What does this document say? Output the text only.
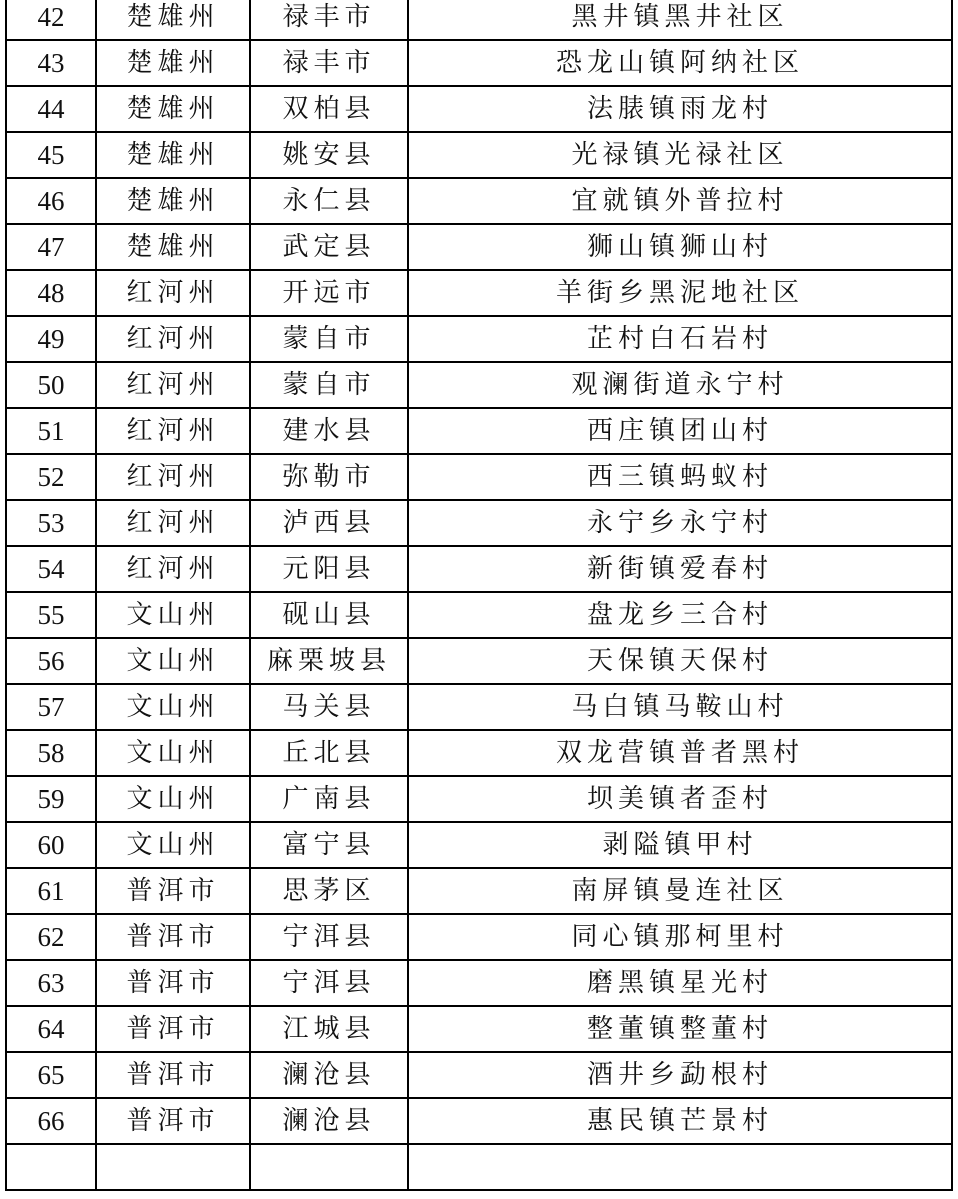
42	楚雄州	禄丰市	黑井镇黑井社区
43	楚雄州	禄丰市	恐龙山镇阿纳社区
44	楚雄州	双柏县	法脿镇雨龙村
45	楚雄州	姚安县	光禄镇光禄社区
46	楚雄州	永仁县	宜就镇外普拉村
47	楚雄州	武定县	狮山镇狮山村
48	红河州	开远市	羊街乡黑泥地社区
49	红河州	蒙自市	芷村白石岩村
50	红河州	蒙自市	观澜街道永宁村
51	红河州	建水县	西庄镇团山村
52	红河州	弥勒市	西三镇蚂蚁村
53	红河州	泸西县	永宁乡永宁村
54	红河州	元阳县	新街镇爱春村
55	文山州	砚山县	盘龙乡三合村
56	文山州	麻栗坡县	天保镇天保村
57	文山州	马关县	马白镇马鞍山村
58	文山州	丘北县	双龙营镇普者黑村
59	文山州	广南县	坝美镇者歪村
60	文山州	富宁县	剥隘镇甲村
61	普洱市	思茅区	南屏镇曼连社区
62	普洱市	宁洱县	同心镇那柯里村
63	普洱市	宁洱县	磨黑镇星光村
64	普洱市	江城县	整董镇整董村
65	普洱市	澜沧县	酒井乡勐根村
66	普洱市	澜沧县	惠民镇芒景村
